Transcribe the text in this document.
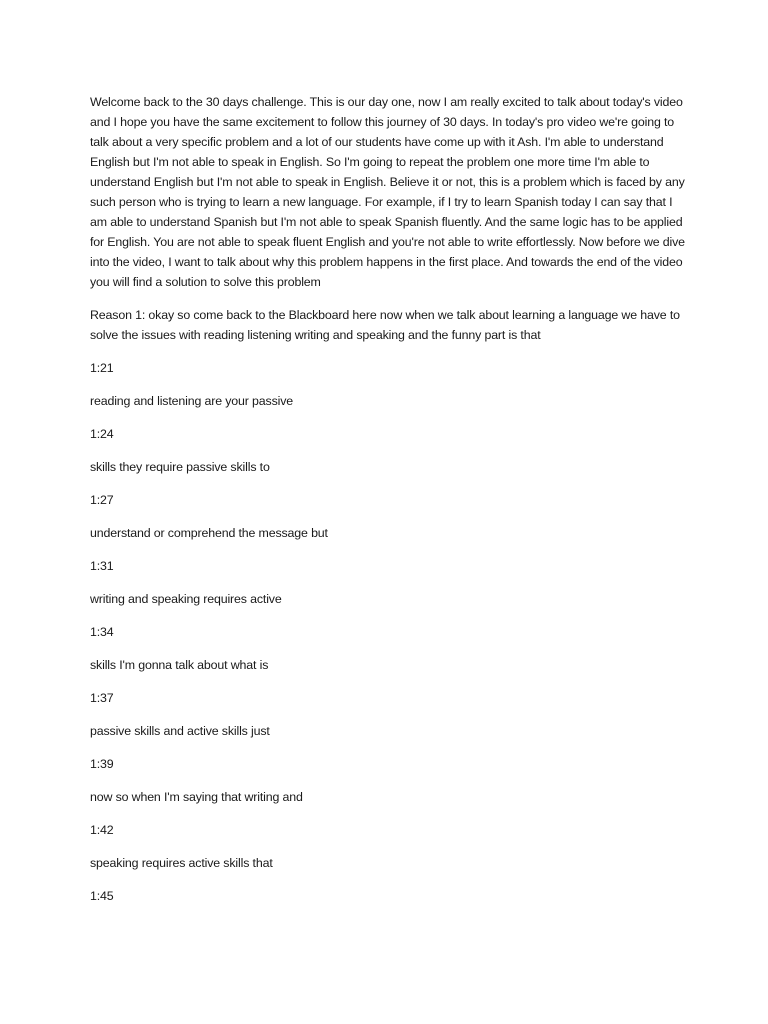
Welcome back to the 30 days challenge. This is our day one, now I am really excited to talk about today's video and I hope you have the same excitement to follow this journey of 30 days. In today's pro video we're going to talk about a very specific problem and a lot of our students have come up with it Ash. I'm able to understand English but I'm not able to speak in English. So I'm going to repeat the problem one more time I'm able to understand English but I'm not able to speak in English. Believe it or not, this is a problem which is faced by any such person who is trying to learn a new language. For example, if I try to learn Spanish today I can say that I am able to understand Spanish but I'm not able to speak Spanish fluently. And the same logic has to be applied for English. You are not able to speak fluent English and you're not able to write effortlessly. Now before we dive into the video, I want to talk about why this problem happens in the first place. And towards the end of the video you will find a solution to solve this problem

Reason 1: okay so come back to the Blackboard here now when we talk about learning a language we have to solve the issues with reading listening writing and speaking and the funny part is that

1:21

reading and listening are your passive

1:24

skills they require passive skills to

1:27

understand or comprehend the message but

1:31

writing and speaking requires active

1:34

skills I'm gonna talk about what is

1:37

passive skills and active skills just

1:39

now so when I'm saying that writing and

1:42

speaking requires active skills that

1:45
